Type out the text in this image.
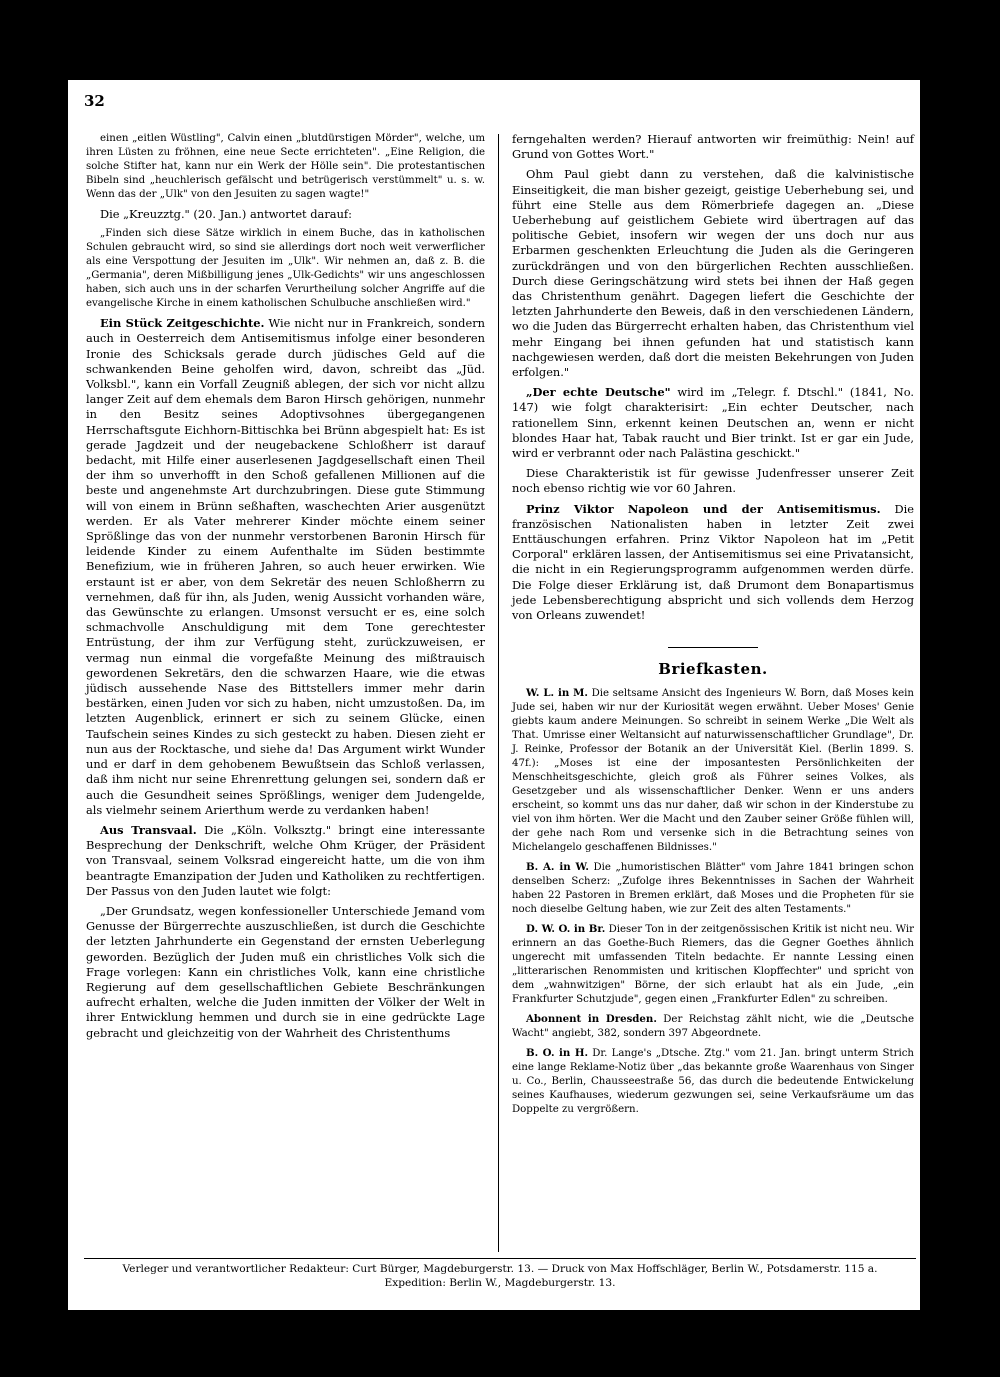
32

einen „eitlen Wüstling", Calvin einen „blutdürstigen Mörder", welche, um ihren Lüsten zu fröhnen, eine neue Secte errichteten". „Eine Religion, die solche Stifter hat, kann nur ein Werk der Hölle sein". Die protestantischen Bibeln sind „heuchlerisch gefälscht und betrügerisch verstümmelt" u. s. w. Wenn das der „Ulk" von den Jesuiten zu sagen wagte!"

Die „Kreuzztg." (20. Jan.) antwortet darauf:

„Finden sich diese Sätze wirklich in einem Buche, das in katholischen Schulen gebraucht wird, so sind sie allerdings dort noch weit verwerflicher als eine Verspottung der Jesuiten im „Ulk". Wir nehmen an, daß z. B. die „Germania", deren Mißbilligung jenes „Ulk-Gedichts" wir uns angeschlossen haben, sich auch uns in der scharfen Verurtheilung solcher Angriffe auf die evangelische Kirche in einem katholischen Schulbuche anschließen wird."

Ein Stück Zeitgeschichte. Wie nicht nur in Frankreich, sondern auch in Oesterreich dem Antisemitismus infolge einer besonderen Ironie des Schicksals gerade durch jüdisches Geld auf die schwankenden Beine geholfen wird, davon, schreibt das „Jüd. Volksbl.", kann ein Vorfall Zeugniß ablegen, der sich vor nicht allzu langer Zeit auf dem ehemals dem Baron Hirsch gehörigen, nunmehr in den Besitz seines Adoptivsohnes übergegangenen Herrschaftsgute Eichhorn-Bittischka bei Brünn abgespielt hat: Es ist gerade Jagdzeit und der neugebackene Schloßherr ist darauf bedacht, mit Hilfe einer auserlesenen Jagdgesellschaft einen Theil der ihm so unverhofft in den Schoß gefallenen Millionen auf die beste und angenehmste Art durchzubringen. Diese gute Stimmung will von einem in Brünn seßhaften, waschechten Arier ausgenützt werden. Er als Vater mehrerer Kinder möchte einem seiner Sprößlinge das von der nunmehr verstorbenen Baronin Hirsch für leidende Kinder zu einem Aufenthalte im Süden bestimmte Benefizium, wie in früheren Jahren, so auch heuer erwirken. Wie erstaunt ist er aber, von dem Sekretär des neuen Schloßherrn zu vernehmen, daß für ihn, als Juden, wenig Aussicht vorhanden wäre, das Gewünschte zu erlangen. Umsonst versucht er es, eine solch schmachvolle Anschuldigung mit dem Tone gerechtester Entrüstung, der ihm zur Verfügung steht, zurückzuweisen, er vermag nun einmal die vorgefaßte Meinung des mißtrauisch gewordenen Sekretärs, den die schwarzen Haare, wie die etwas jüdisch aussehende Nase des Bittstellers immer mehr darin bestärken, einen Juden vor sich zu haben, nicht umzustoßen. Da, im letzten Augenblick, erinnert er sich zu seinem Glücke, einen Taufschein seines Kindes zu sich gesteckt zu haben. Diesen zieht er nun aus der Rocktasche, und siehe da! Das Argument wirkt Wunder und er darf in dem gehobenem Bewußtsein das Schloß verlassen, daß ihm nicht nur seine Ehrenrettung gelungen sei, sondern daß er auch die Gesundheit seines Sprößlings, weniger dem Judengelde, als vielmehr seinem Arierthum werde zu verdanken haben!

Aus Transvaal. Die „Köln. Volksztg." bringt eine interessante Besprechung der Denkschrift, welche Ohm Krüger, der Präsident von Transvaal, seinem Volksrad eingereicht hatte, um die von ihm beantragte Emanzipation der Juden und Katholiken zu rechtfertigen. Der Passus von den Juden lautet wie folgt:

„Der Grundsatz, wegen konfessioneller Unterschiede Jemand vom Genusse der Bürgerrechte auszuschließen, ist durch die Geschichte der letzten Jahrhunderte ein Gegenstand der ernsten Ueberlegung geworden. Bezüglich der Juden muß ein christliches Volk sich die Frage vorlegen: Kann ein christliches Volk, kann eine christliche Regierung auf dem gesellschaftlichen Gebiete Beschränkungen aufrecht erhalten, welche die Juden inmitten der Völker der Welt in ihrer Entwicklung hemmen und durch sie in eine gedrückte Lage gebracht und gleichzeitig von der Wahrheit des Christenthums

ferngehalten werden? Hierauf antworten wir freimüthig: Nein! auf Grund von Gottes Wort."

Ohm Paul giebt dann zu verstehen, daß die kalvinistische Einseitigkeit, die man bisher gezeigt, geistige Ueberhebung sei, und führt eine Stelle aus dem Römerbriefe dagegen an. „Diese Ueberhebung auf geistlichem Gebiete wird übertragen auf das politische Gebiet, insofern wir wegen der uns doch nur aus Erbarmen geschenkten Erleuchtung die Juden als die Geringeren zurückdrängen und von den bürgerlichen Rechten ausschließen. Durch diese Geringschätzung wird stets bei ihnen der Haß gegen das Christenthum genährt. Dagegen liefert die Geschichte der letzten Jahrhunderte den Beweis, daß in den verschiedenen Ländern, wo die Juden das Bürgerrecht erhalten haben, das Christenthum viel mehr Eingang bei ihnen gefunden hat und statistisch kann nachgewiesen werden, daß dort die meisten Bekehrungen von Juden erfolgen."

„Der echte Deutsche" wird im „Telegr. f. Dtschl." (1841, No. 147) wie folgt charakterisirt: „Ein echter Deutscher, nach rationellem Sinn, erkennt keinen Deutschen an, wenn er nicht blondes Haar hat, Tabak raucht und Bier trinkt. Ist er gar ein Jude, wird er verbrannt oder nach Palästina geschickt."

Diese Charakteristik ist für gewisse Judenfresser unserer Zeit noch ebenso richtig wie vor 60 Jahren.

Prinz Viktor Napoleon und der Antisemitismus. Die französischen Nationalisten haben in letzter Zeit zwei Enttäuschungen erfahren. Prinz Viktor Napoleon hat im „Petit Corporal" erklären lassen, der Antisemitismus sei eine Privatansicht, die nicht in ein Regierungsprogramm aufgenommen werden dürfe. Die Folge dieser Erklärung ist, daß Drumont dem Bonapartismus jede Lebensberechtigung abspricht und sich vollends dem Herzog von Orleans zuwendet!

Briefkasten.

W. L. in M. Die seltsame Ansicht des Ingenieurs W. Born, daß Moses kein Jude sei, haben wir nur der Kuriosität wegen erwähnt. Ueber Moses' Genie giebts kaum andere Meinungen. So schreibt in seinem Werke „Die Welt als That. Umrisse einer Weltansicht auf naturwissenschaftlicher Grundlage", Dr. J. Reinke, Professor der Botanik an der Universität Kiel. (Berlin 1899. S. 47f.): „Moses ist eine der imposantesten Persönlichkeiten der Menschheitsgeschichte, gleich groß als Führer seines Volkes, als Gesetzgeber und als wissenschaftlicher Denker. Wenn er uns anders erscheint, so kommt uns das nur daher, daß wir schon in der Kinderstube zu viel von ihm hörten. Wer die Macht und den Zauber seiner Größe fühlen will, der gehe nach Rom und versenke sich in die Betrachtung seines von Michelangelo geschaffenen Bildnisses."

B. A. in W. Die „humoristischen Blätter" vom Jahre 1841 bringen schon denselben Scherz: „Zufolge ihres Bekenntnisses in Sachen der Wahrheit haben 22 Pastoren in Bremen erklärt, daß Moses und die Propheten für sie noch dieselbe Geltung haben, wie zur Zeit des alten Testaments."

D. W. O. in Br. Dieser Ton in der zeitgenössischen Kritik ist nicht neu. Wir erinnern an das Goethe-Buch Riemers, das die Gegner Goethes ähnlich ungerecht mit umfassenden Titeln bedachte. Er nannte Lessing einen „litterarischen Renommisten und kritischen Klopffechter" und spricht von dem „wahnwitzigen" Börne, der sich erlaubt hat als ein Jude, „ein Frankfurter Schutzjude", gegen einen „Frankfurter Edlen" zu schreiben.

Abonnent in Dresden. Der Reichstag zählt nicht, wie die „Deutsche Wacht" angiebt, 382, sondern 397 Abgeordnete.

B. O. in H. Dr. Lange's „Dtsche. Ztg." vom 21. Jan. bringt unterm Strich eine lange Reklame-Notiz über „das bekannte große Waarenhaus von Singer u. Co., Berlin, Chausseestraße 56, das durch die bedeutende Entwickelung seines Kaufhauses, wiederum gezwungen sei, seine Verkaufsräume um das Doppelte zu vergrößern.

Verleger und verantwortlicher Redakteur: Curt Bürger, Magdeburgerstr. 13. — Druck von Max Hoffschläger, Berlin W., Potsdamerstr. 115 a.
Expedition: Berlin W., Magdeburgerstr. 13.
